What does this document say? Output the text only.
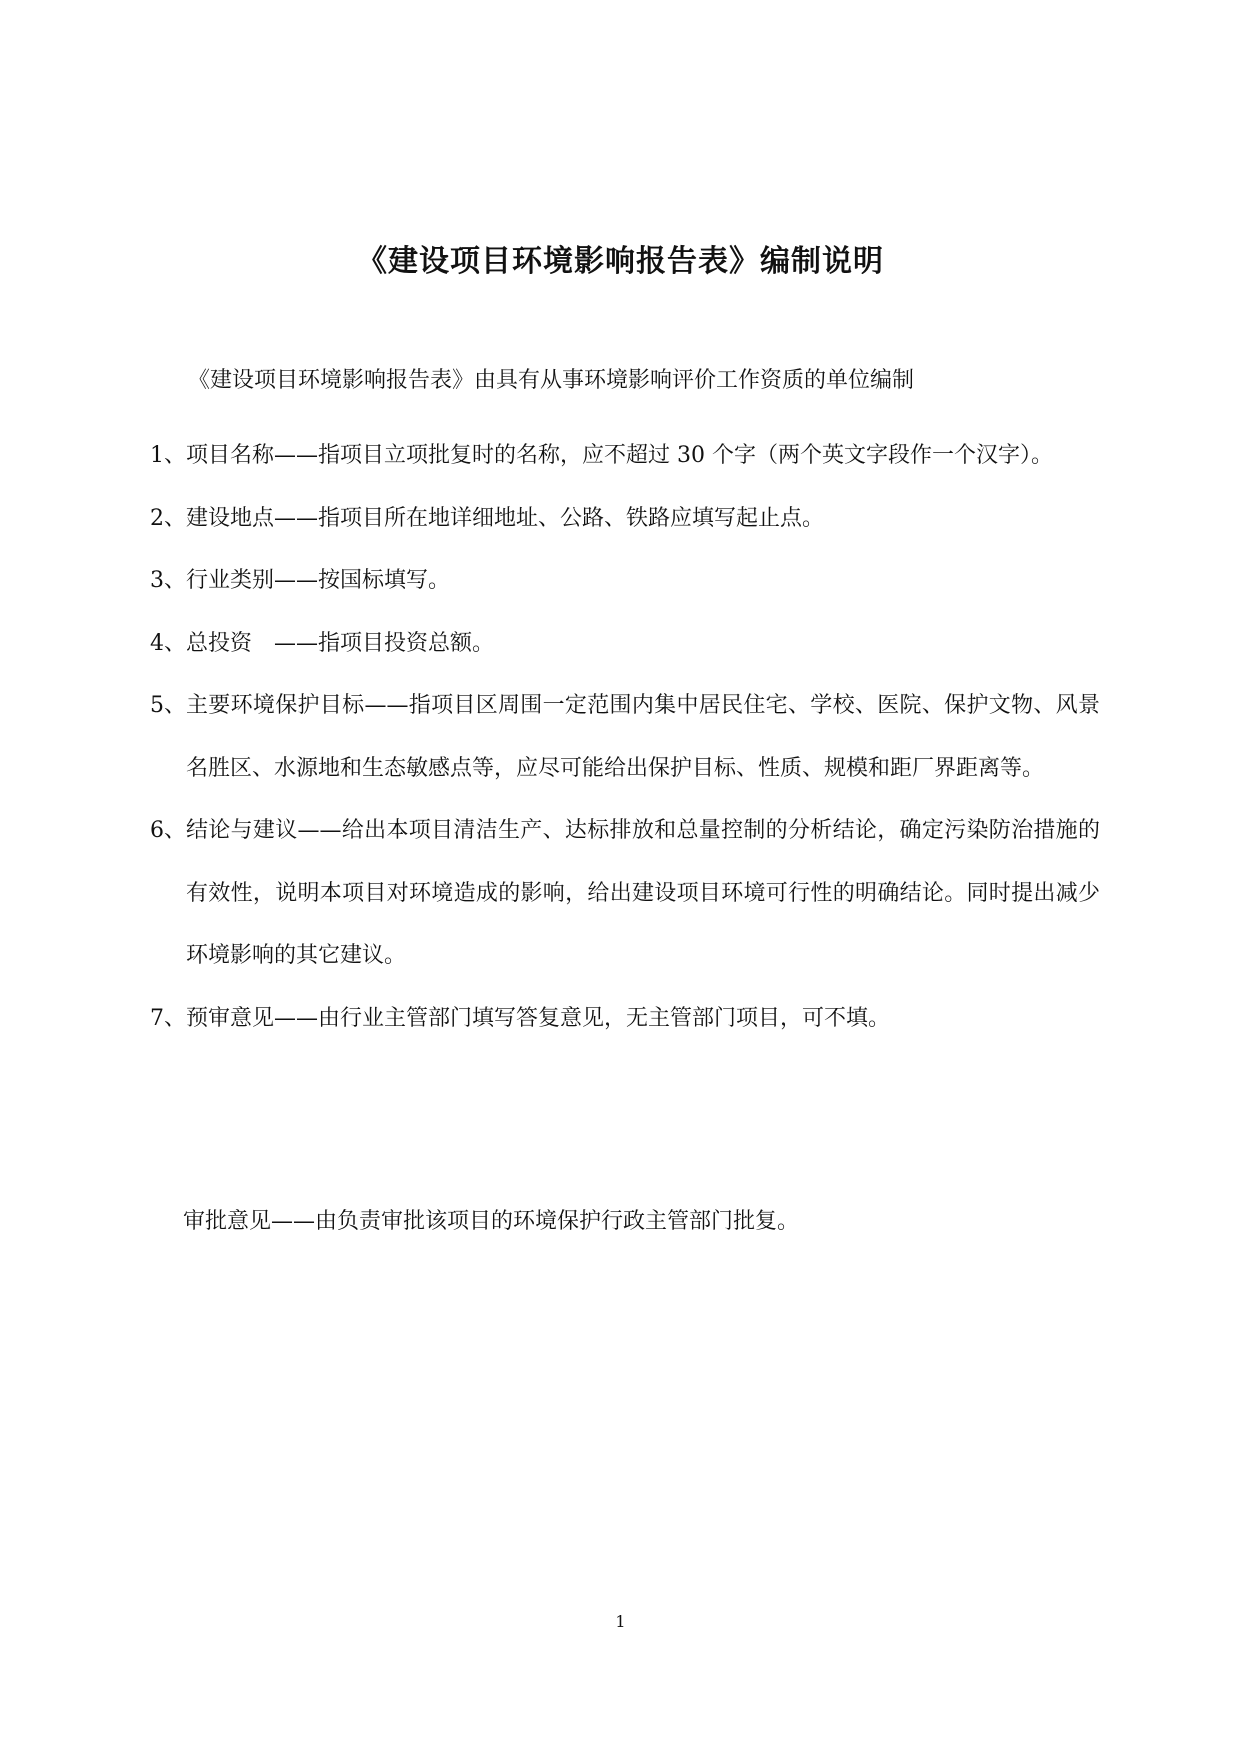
《建设项目环境影响报告表》编制说明
《建设项目环境影响报告表》由具有从事环境影响评价工作资质的单位编制
1、 项目名称——指项目立项批复时的名称，应不超过 30 个字（两个英文字段作一个汉字）。
2、 建设地点——指项目所在地详细地址、公路、铁路应填写起止点。
3、 行业类别——按国标填写。
4、 总投资　——指项目投资总额。
5、 主要环境保护目标——指项目区周围一定范围内集中居民住宅、学校、医院、保护文物、风景名胜区、水源地和生态敏感点等，应尽可能给出保护目标、性质、规模和距厂界距离等。
6、 结论与建议——给出本项目清洁生产、达标排放和总量控制的分析结论，确定污染防治措施的有效性，说明本项目对环境造成的影响，给出建设项目环境可行性的明确结论。同时提出减少环境影响的其它建议。
7、 预审意见——由行业主管部门填写答复意见，无主管部门项目，可不填。
审批意见——由负责审批该项目的环境保护行政主管部门批复。
1
